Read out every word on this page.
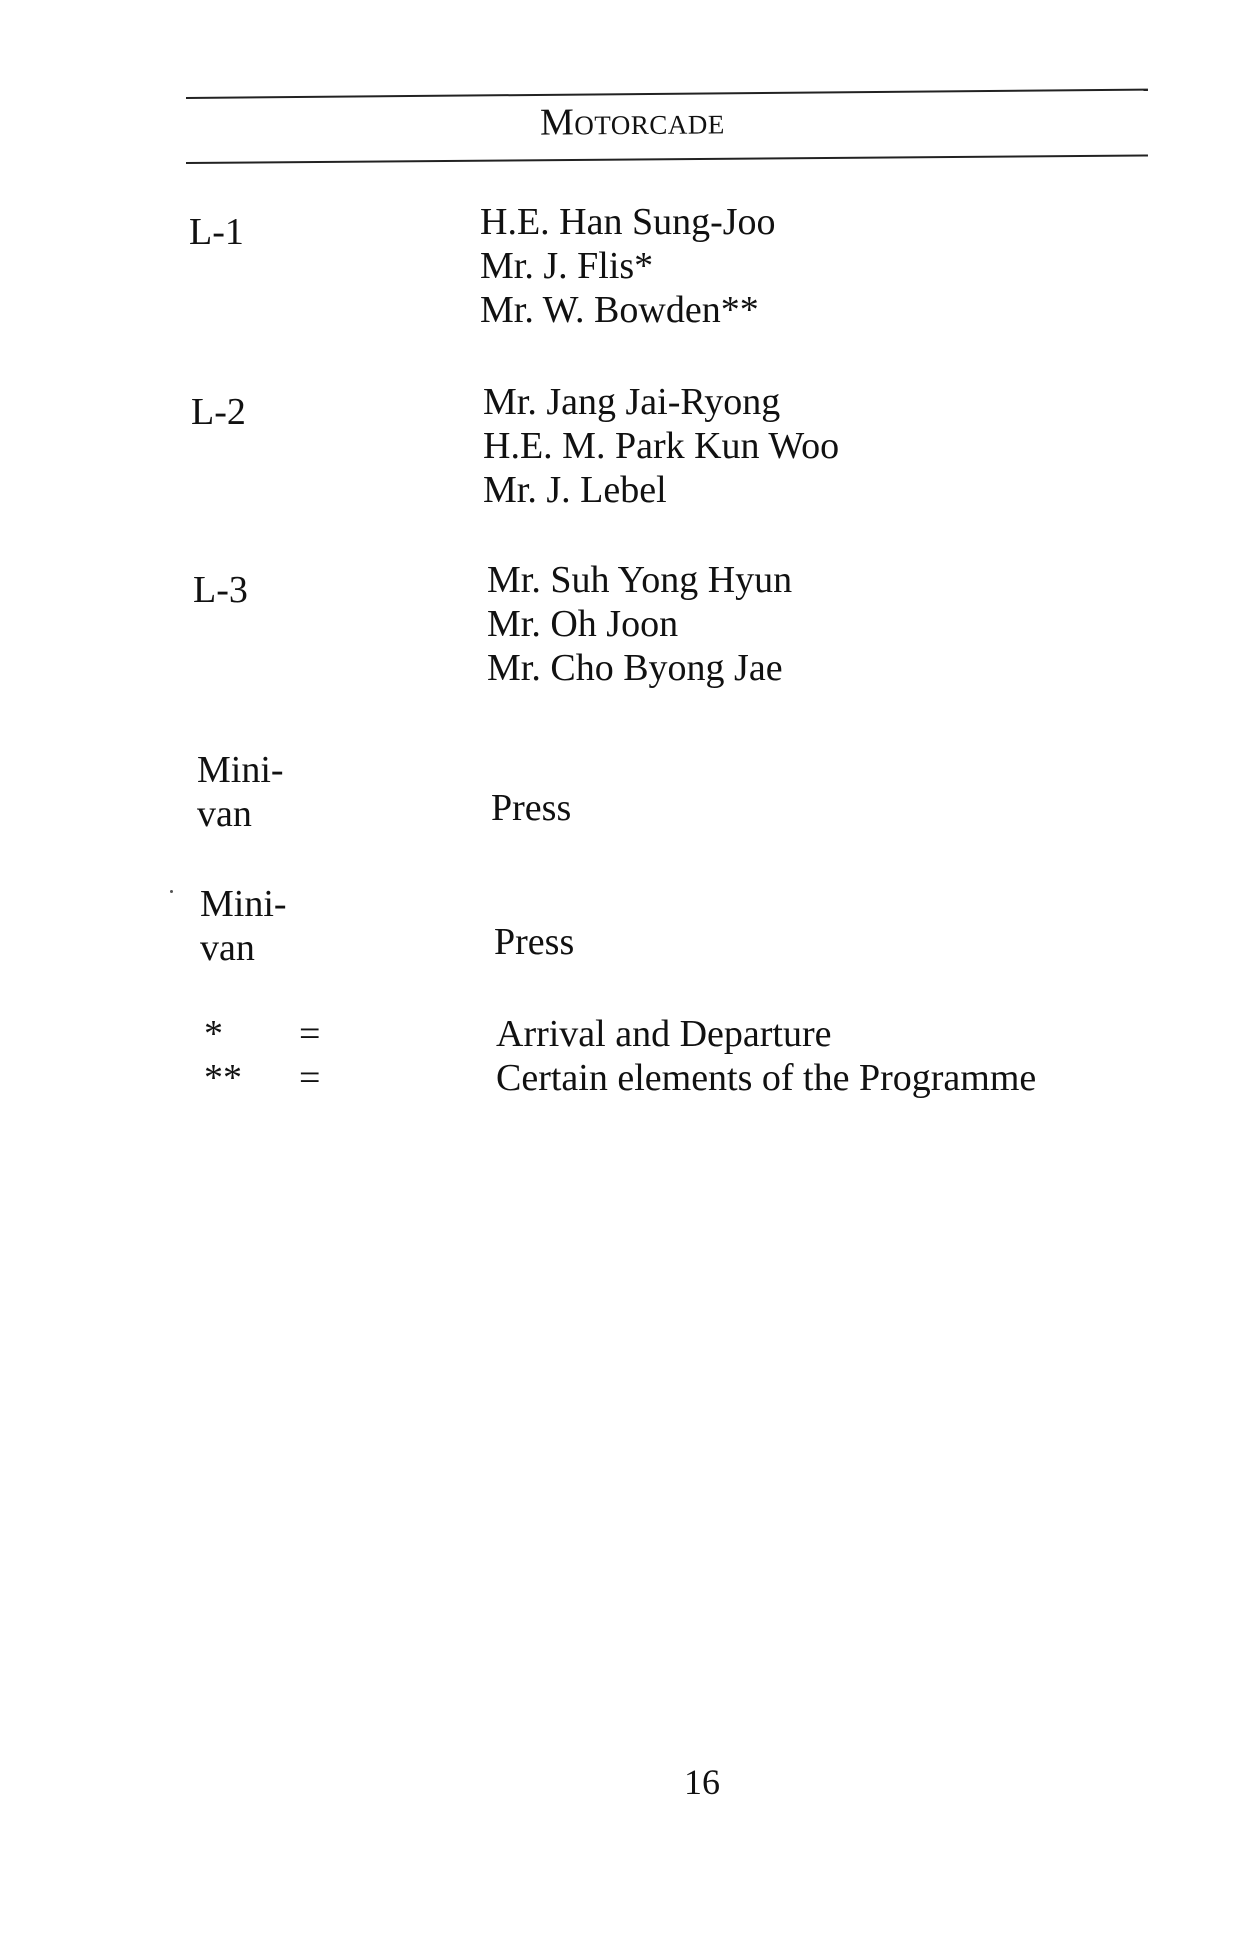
Motorcade
L-1	H.E. Han Sung-Joo
Mr. J. Flis*
Mr. W. Bowden**
L-2	Mr. Jang Jai-Ryong
H.E. M. Park Kun Woo
Mr. J. Lebel
L-3	Mr. Suh Yong Hyun
Mr. Oh Joon
Mr. Cho Byong Jae
Mini-
van	Press
Mini-
van	Press
* =	Arrival and Departure
** =	Certain elements of the Programme
16
